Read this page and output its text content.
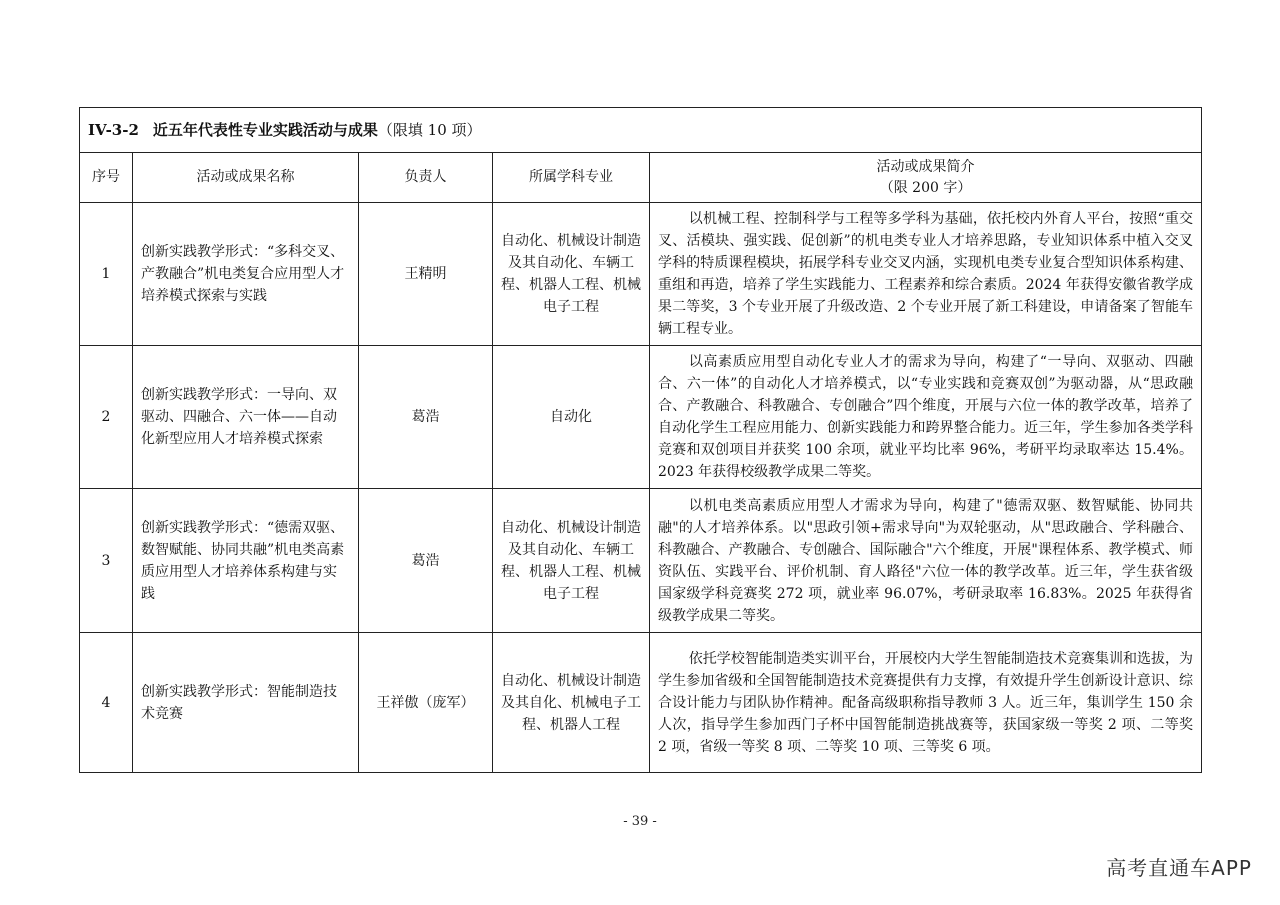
IV-3-2 近五年代表性专业实践活动与成果（限填 10 项）				
序号	活动或成果名称	负责人	所属学科专业	活动或成果简介
（限 200 字）

1	创新实践教学形式：“多科交叉、产教融合”机电类复合应用型人才培养模式探索与实践	王精明	自动化、机械设计制造及其自动化、车辆工程、机器人工程、机械电子工程	以机械工程、控制科学与工程等多学科为基础，依托校内外育人平台，按照“重交叉、活模块、强实践、促创新”的机电类专业人才培养思路，专业知识体系中植入交叉学科的特质课程模块，拓展学科专业交叉内涵，实现机电类专业复合型知识体系构建、重组和再造，培养了学生实践能力、工程素养和综合素质。2024 年获得安徽省教学成果二等奖，3 个专业开展了升级改造、2 个专业开展了新工科建设，申请备案了智能车辆工程专业。

2	创新实践教学形式：一导向、双驱动、四融合、六一体——自动化新型应用人才培养模式探索	葛浩	自动化	以高素质应用型自动化专业人才的需求为导向，构建了“一导向、双驱动、四融合、六一体”的自动化人才培养模式，以“专业实践和竞赛双创”为驱动器，从“思政融合、产教融合、科教融合、专创融合”四个维度，开展与六位一体的教学改革，培养了自动化学生工程应用能力、创新实践能力和跨界整合能力。近三年，学生参加各类学科竞赛和双创项目并获奖 100 余项，就业平均比率 96%，考研平均录取率达 15.4%。2023 年获得校级教学成果二等奖。

3	创新实践教学形式：“德需双驱、数智赋能、协同共融”机电类高素质应用型人才培养体系构建与实践	葛浩	自动化、机械设计制造及其自动化、车辆工程、机器人工程、机械电子工程	以机电类高素质应用型人才需求为导向，构建了"德需双驱、数智赋能、协同共融"的人才培养体系。以"思政引领+需求导向"为双轮驱动，从"思政融合、学科融合、科教融合、产教融合、专创融合、国际融合"六个维度，开展"课程体系、教学模式、师资队伍、实践平台、评价机制、育人路径"六位一体的教学改革。近三年，学生获省级国家级学科竞赛奖 272 项，就业率 96.07%，考研录取率 16.83%。2025 年获得省级教学成果二等奖。

4	创新实践教学形式：智能制造技术竞赛	王祥傲（庞军）	自动化、机械设计制造及其自化、机械电子工程、机器人工程	依托学校智能制造类实训平台，开展校内大学生智能制造技术竞赛集训和选拔，为学生参加省级和全国智能制造技术竞赛提供有力支撑，有效提升学生创新设计意识、综合设计能力与团队协作精神。配备高级职称指导教师 3 人。近三年，集训学生 150 余人次，指导学生参加西门子杯中国智能制造挑战赛等，获国家级一等奖 2 项、二等奖 2 项，省级一等奖 8 项、二等奖 10 项、三等奖 6 项。
- 39 -
高考直通车APP
